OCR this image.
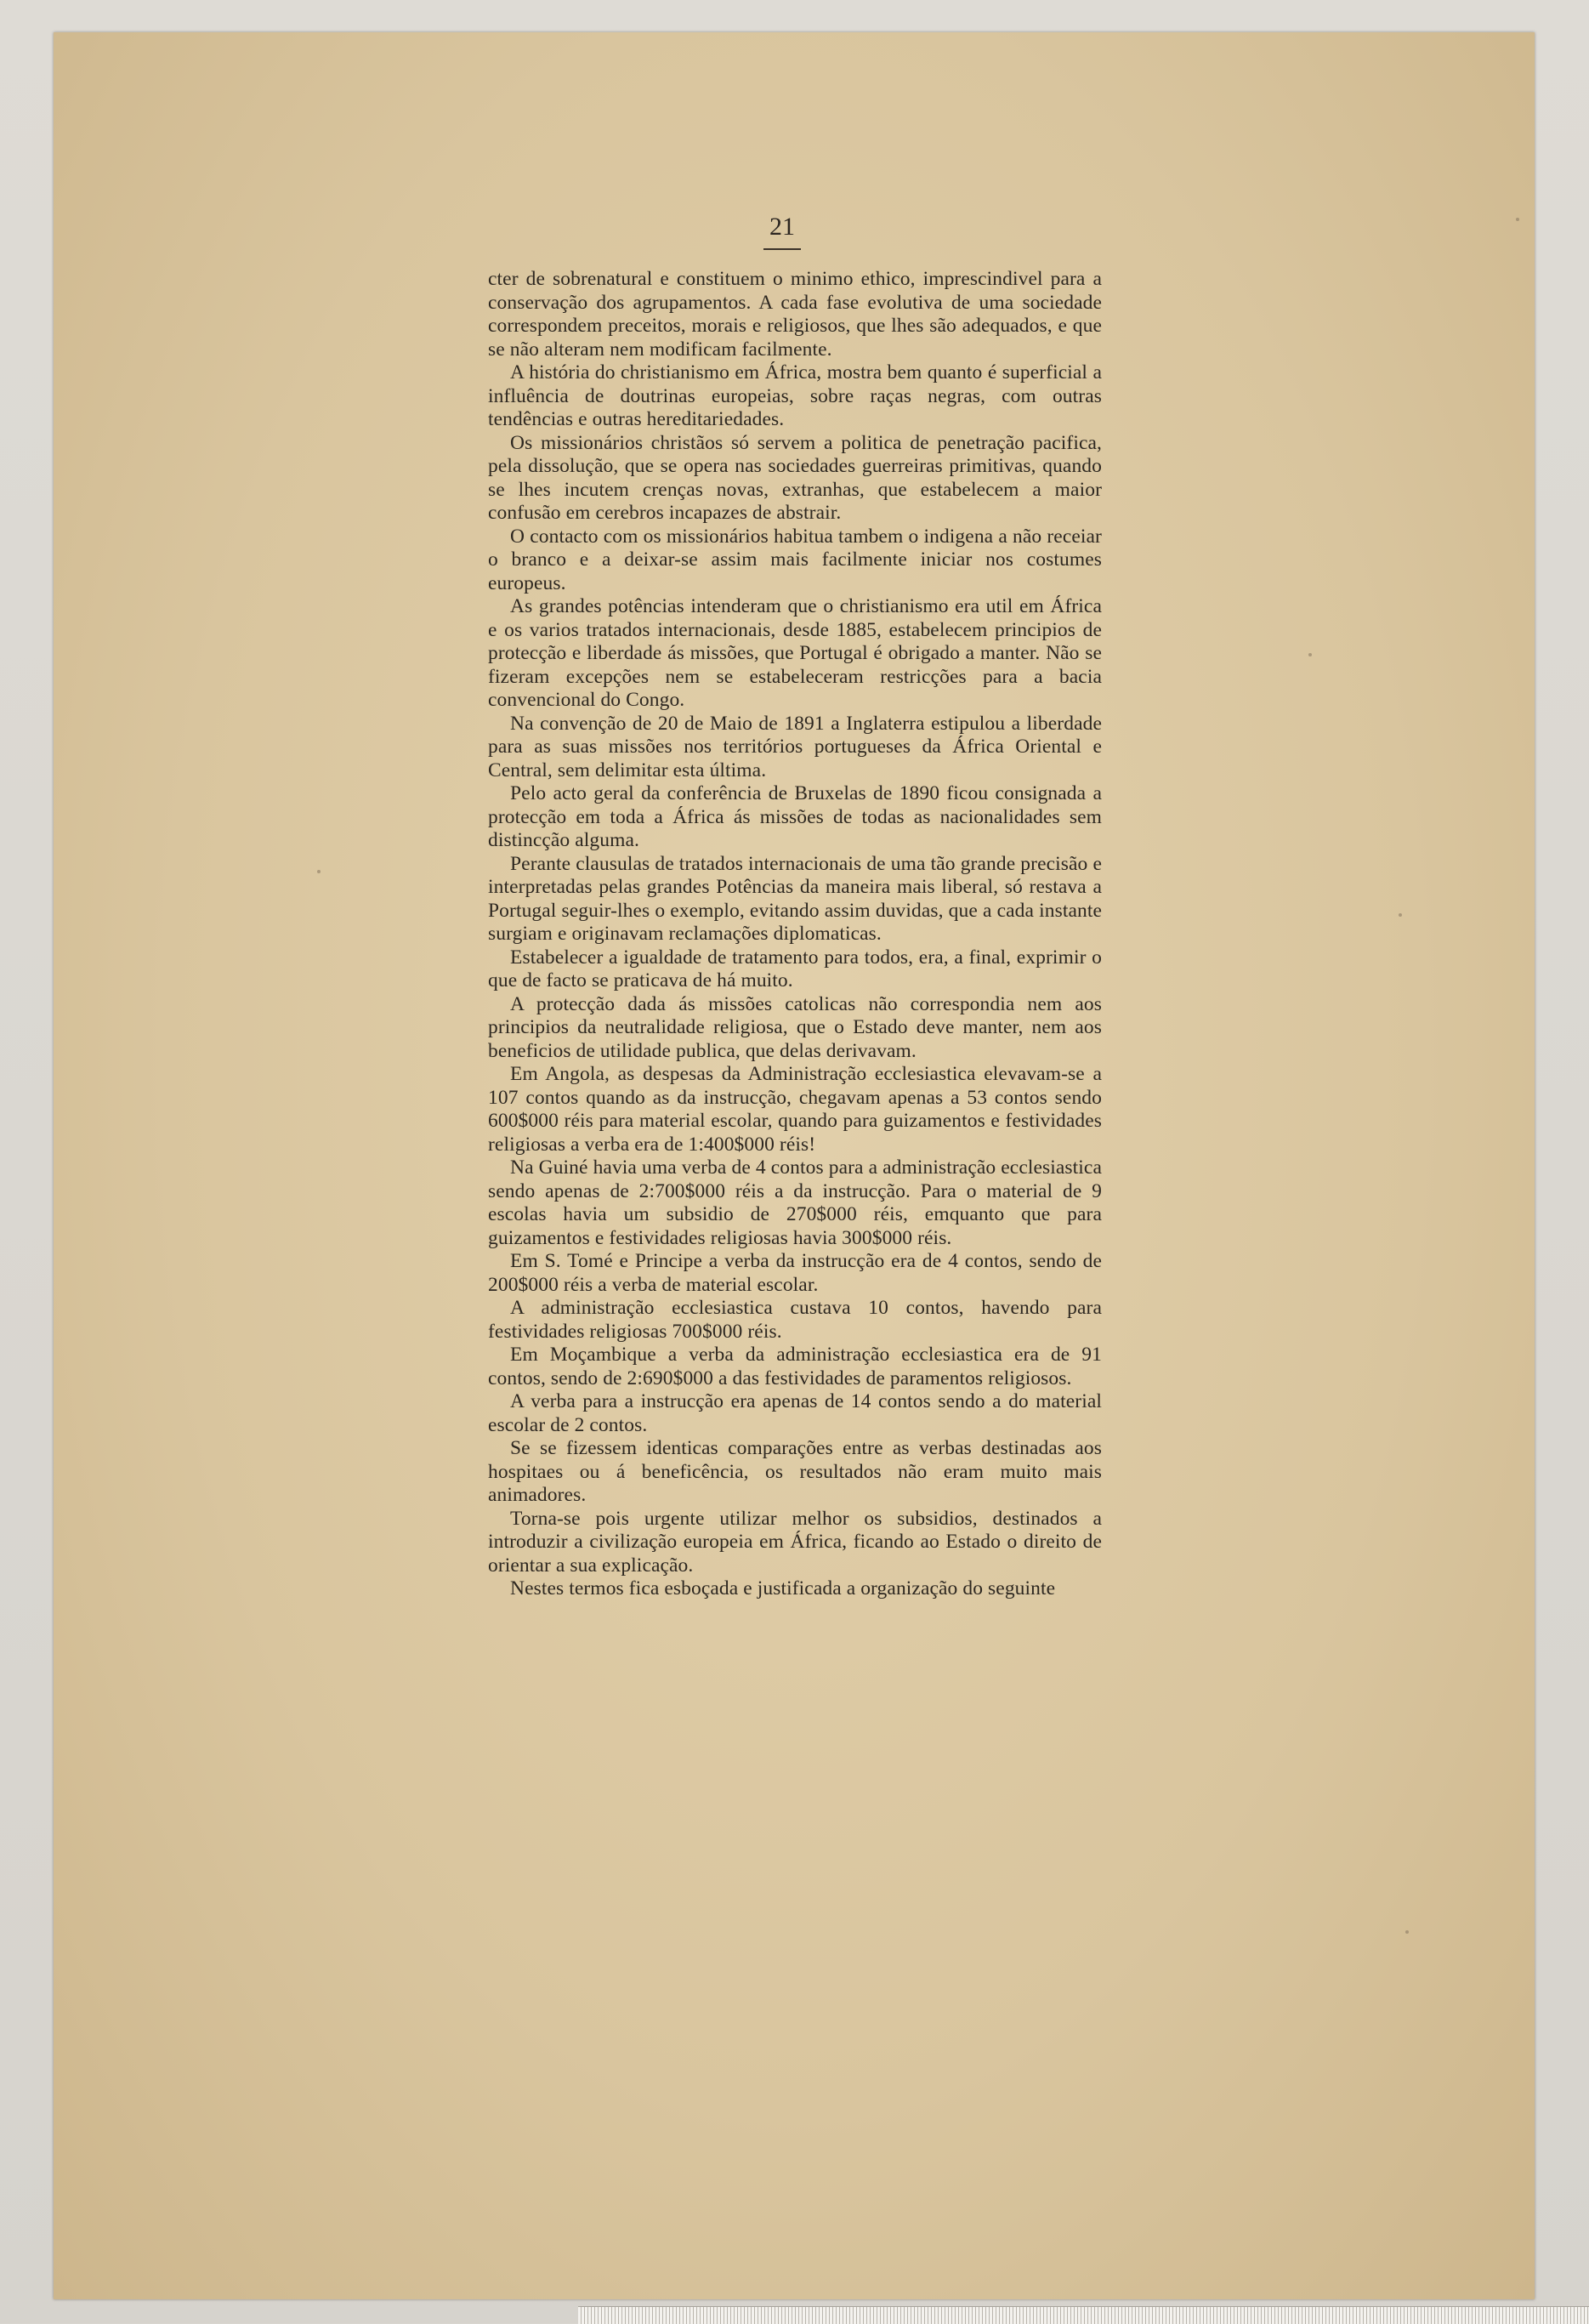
21

cter de sobrenatural e constituem o minimo ethico, imprescindivel para a conservação dos agrupamentos. A cada fase evolutiva de uma sociedade correspondem preceitos, morais e religiosos, que lhes são adequados, e que se não alteram nem modificam facilmente.

A história do christianismo em África, mostra bem quanto é superficial a influência de doutrinas europeias, sobre raças negras, com outras tendências e outras hereditariedades.

Os missionários christãos só servem a politica de penetração pacifica, pela dissolução, que se opera nas sociedades guerreiras primitivas, quando se lhes incutem crenças novas, extranhas, que estabelecem a maior confusão em cerebros incapazes de abstrair.

O contacto com os missionários habitua tambem o indigena a não receiar o branco e a deixar-se assim mais facilmente iniciar nos costumes europeus.

As grandes potências intenderam que o christianismo era util em África e os varios tratados internacionais, desde 1885, estabelecem principios de protecção e liberdade ás missões, que Portugal é obrigado a manter. Não se fizeram excepções nem se estabeleceram restricções para a bacia convencional do Congo.

Na convenção de 20 de Maio de 1891 a Inglaterra estipulou a liberdade para as suas missões nos territórios portugueses da África Oriental e Central, sem delimitar esta última.

Pelo acto geral da conferência de Bruxelas de 1890 ficou consignada a protecção em toda a África ás missões de todas as nacionalidades sem distincção alguma.

Perante clausulas de tratados internacionais de uma tão grande precisão e interpretadas pelas grandes Potências da maneira mais liberal, só restava a Portugal seguir-lhes o exemplo, evitando assim duvidas, que a cada instante surgiam e originavam reclamações diplomaticas.

Estabelecer a igualdade de tratamento para todos, era, a final, exprimir o que de facto se praticava de há muito.

A protecção dada ás missões catolicas não correspondia nem aos principios da neutralidade religiosa, que o Estado deve manter, nem aos beneficios de utilidade publica, que delas derivavam.

Em Angola, as despesas da Administração ecclesiastica elevavam-se a 107 contos quando as da instrucção, chegavam apenas a 53 contos sendo 600$000 réis para material escolar, quando para guizamentos e festividades religiosas a verba era de 1:400$000 réis!

Na Guiné havia uma verba de 4 contos para a administração ecclesiastica sendo apenas de 2:700$000 réis a da instrucção. Para o material de 9 escolas havia um subsidio de 270$000 réis, emquanto que para guizamentos e festividades religiosas havia 300$000 réis.

Em S. Tomé e Principe a verba da instrucção era de 4 contos, sendo de 200$000 réis a verba de material escolar.

A administração ecclesiastica custava 10 contos, havendo para festividades religiosas 700$000 réis.

Em Moçambique a verba da administração ecclesiastica era de 91 contos, sendo de 2:690$000 a das festividades de paramentos religiosos.

A verba para a instrucção era apenas de 14 contos sendo a do material escolar de 2 contos.

Se se fizessem identicas comparações entre as verbas destinadas aos hospitaes ou á beneficência, os resultados não eram muito mais animadores.

Torna-se pois urgente utilizar melhor os subsidios, destinados a introduzir a civilização europeia em África, ficando ao Estado o direito de orientar a sua explicação.

Nestes termos fica esboçada e justificada a organização do seguinte
